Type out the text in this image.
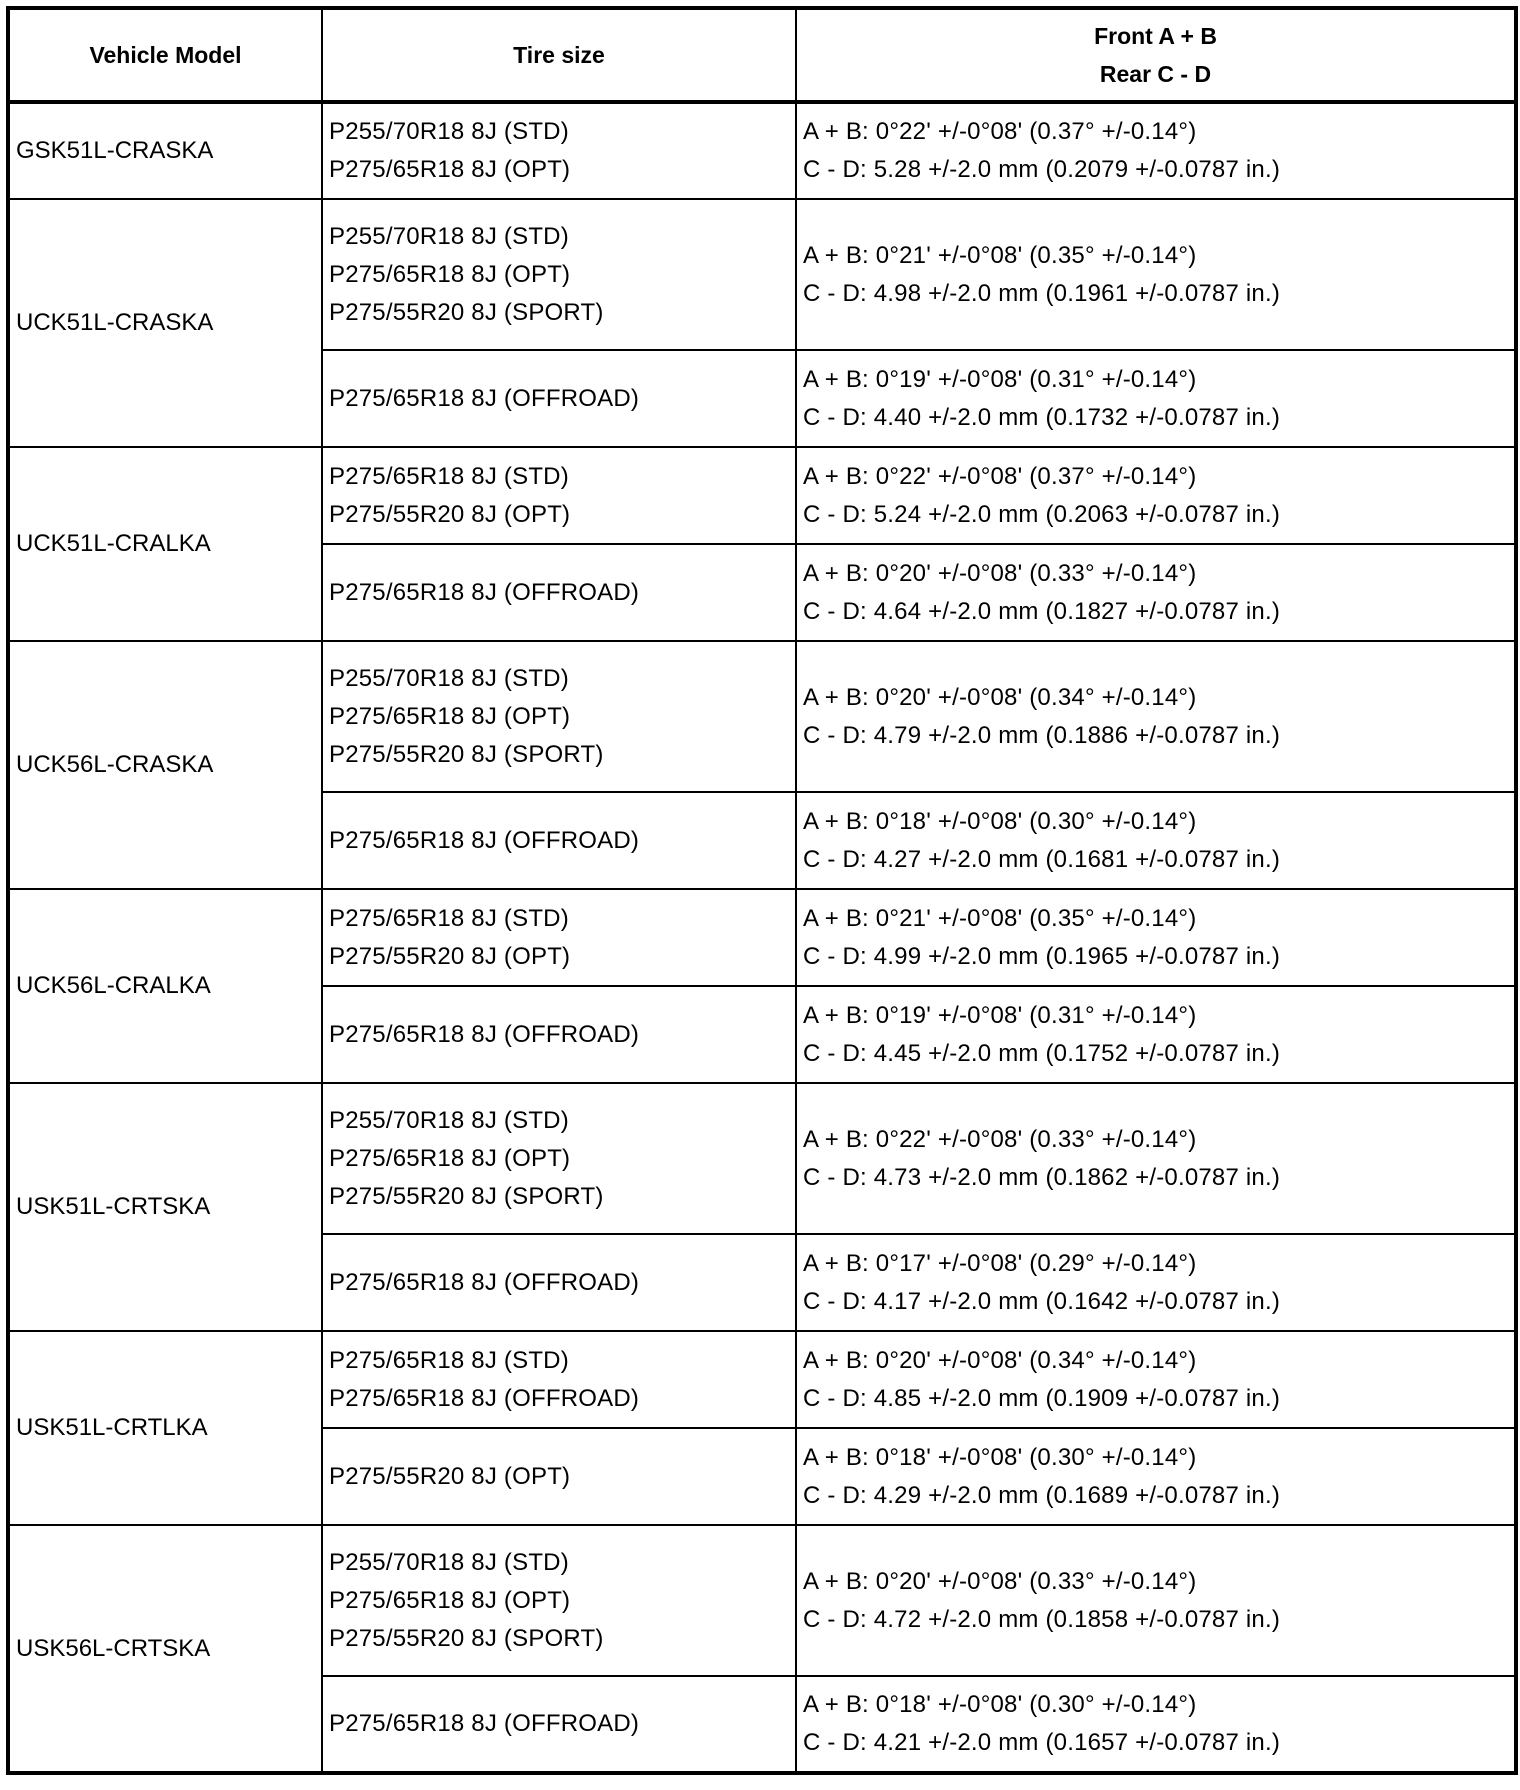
Vehicle Model	Tire size	Front A + B
Rear C - D

GSK51L-CRASKA	P255/70R18 8J (STD)
P275/65R18 8J (OPT)	A + B: 0°22' +/-0°08' (0.37° +/-0.14°)
C - D: 5.28 +/-2.0 mm (0.2079 +/-0.0787 in.)

UCK51L-CRASKA	P255/70R18 8J (STD)
P275/65R18 8J (OPT)
P275/55R20 8J (SPORT)	A + B: 0°21' +/-0°08' (0.35° +/-0.14°)
C - D: 4.98 +/-2.0 mm (0.1961 +/-0.0787 in.)

	P275/65R18 8J (OFFROAD)	A + B: 0°19' +/-0°08' (0.31° +/-0.14°)
C - D: 4.40 +/-2.0 mm (0.1732 +/-0.0787 in.)

UCK51L-CRALKA	P275/65R18 8J (STD)
P275/55R20 8J (OPT)	A + B: 0°22' +/-0°08' (0.37° +/-0.14°)
C - D: 5.24 +/-2.0 mm (0.2063 +/-0.0787 in.)

	P275/65R18 8J (OFFROAD)	A + B: 0°20' +/-0°08' (0.33° +/-0.14°)
C - D: 4.64 +/-2.0 mm (0.1827 +/-0.0787 in.)

UCK56L-CRASKA	P255/70R18 8J (STD)
P275/65R18 8J (OPT)
P275/55R20 8J (SPORT)	A + B: 0°20' +/-0°08' (0.34° +/-0.14°)
C - D: 4.79 +/-2.0 mm (0.1886 +/-0.0787 in.)

	P275/65R18 8J (OFFROAD)	A + B: 0°18' +/-0°08' (0.30° +/-0.14°)
C - D: 4.27 +/-2.0 mm (0.1681 +/-0.0787 in.)

UCK56L-CRALKA	P275/65R18 8J (STD)
P275/55R20 8J (OPT)	A + B: 0°21' +/-0°08' (0.35° +/-0.14°)
C - D: 4.99 +/-2.0 mm (0.1965 +/-0.0787 in.)

	P275/65R18 8J (OFFROAD)	A + B: 0°19' +/-0°08' (0.31° +/-0.14°)
C - D: 4.45 +/-2.0 mm (0.1752 +/-0.0787 in.)

USK51L-CRTSKA	P255/70R18 8J (STD)
P275/65R18 8J (OPT)
P275/55R20 8J (SPORT)	A + B: 0°22' +/-0°08' (0.33° +/-0.14°)
C - D: 4.73 +/-2.0 mm (0.1862 +/-0.0787 in.)

	P275/65R18 8J (OFFROAD)	A + B: 0°17' +/-0°08' (0.29° +/-0.14°)
C - D: 4.17 +/-2.0 mm (0.1642 +/-0.0787 in.)

USK51L-CRTLKA	P275/65R18 8J (STD)
P275/65R18 8J (OFFROAD)	A + B: 0°20' +/-0°08' (0.34° +/-0.14°)
C - D: 4.85 +/-2.0 mm (0.1909 +/-0.0787 in.)

	P275/55R20 8J (OPT)	A + B: 0°18' +/-0°08' (0.30° +/-0.14°)
C - D: 4.29 +/-2.0 mm (0.1689 +/-0.0787 in.)

USK56L-CRTSKA	P255/70R18 8J (STD)
P275/65R18 8J (OPT)
P275/55R20 8J (SPORT)	A + B: 0°20' +/-0°08' (0.33° +/-0.14°)
C - D: 4.72 +/-2.0 mm (0.1858 +/-0.0787 in.)

	P275/65R18 8J (OFFROAD)	A + B: 0°18' +/-0°08' (0.30° +/-0.14°)
C - D: 4.21 +/-2.0 mm (0.1657 +/-0.0787 in.)
